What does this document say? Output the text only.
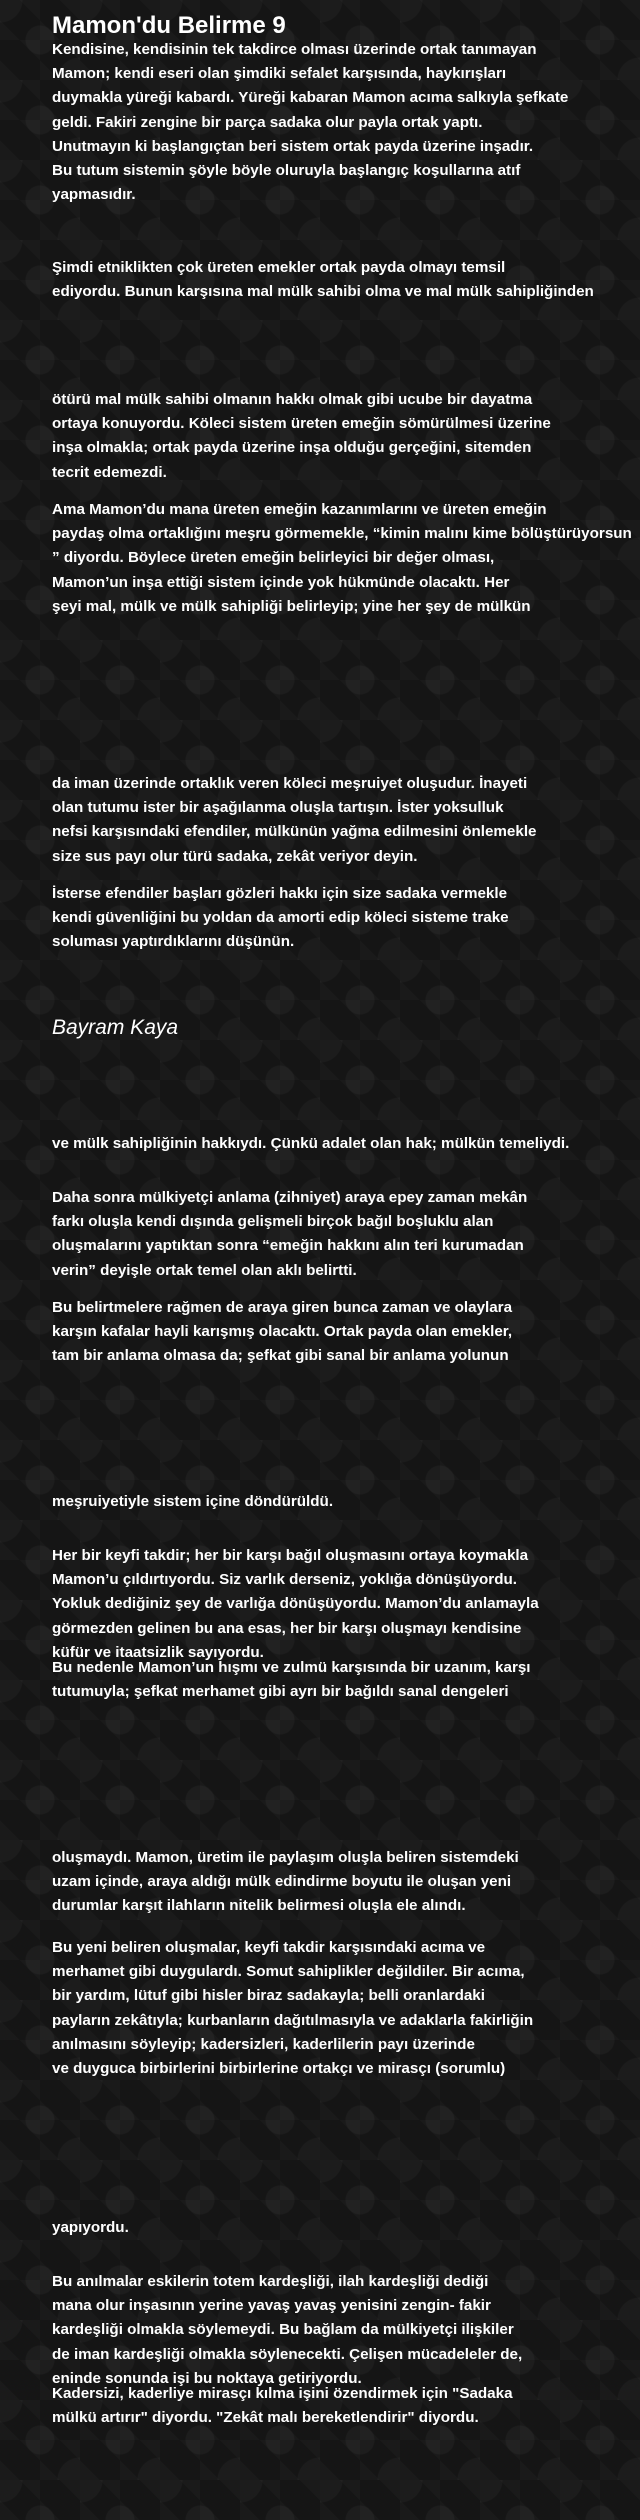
Mamon'du Belirme 9
Kendisine, kendisinin tek takdirce olması üzerinde ortak tanımayan
Mamon; kendi eseri olan şimdiki sefalet karşısında, haykırışları
duymakla yüreği kabardı. Yüreği kabaran Mamon acıma salkıyla şefkate
geldi. Fakiri zengine bir parça sadaka olur payla ortak yaptı.
Unutmayın ki başlangıçtan beri sistem ortak payda üzerine inşadır.
Bu tutum sistemin şöyle böyle oluruyla başlangıç koşullarına atıf
yapmasıdır.
Şimdi etniklikten çok üreten emekler ortak payda olmayı temsil
ediyordu. Bunun karşısına mal mülk sahibi olma ve mal mülk sahipliğinden
ötürü mal mülk sahibi olmanın hakkı olmak gibi ucube bir dayatma
ortaya konuyordu. Köleci sistem üreten emeğin sömürülmesi üzerine
inşa olmakla; ortak payda üzerine inşa olduğu gerçeğini, sitemden
tecrit edemezdi.
Ama Mamon’du mana üreten emeğin kazanımlarını ve üreten emeğin
paydaş olma ortaklığını meşru görmemekle, “kimin malını kime bölüştürüyorsun
” diyordu. Böylece üreten emeğin belirleyici bir değer olması,
Mamon’un inşa ettiği sistem içinde yok hükmünde olacaktı. Her
şeyi mal, mülk ve mülk sahipliği belirleyip; yine her şey de mülkün
da iman üzerinde ortaklık veren köleci meşruiyet oluşudur. İnayeti
olan tutumu ister bir aşağılanma oluşla tartışın. İster yoksulluk
nefsi karşısındaki efendiler, mülkünün yağma edilmesini önlemekle
size sus payı olur türü sadaka, zekât veriyor deyin.
İsterse efendiler başları gözleri hakkı için size sadaka vermekle
kendi güvenliğini bu yoldan da amorti edip köleci sisteme trake
soluması yaptırdıklarını düşünün.
Bayram Kaya
ve mülk sahipliğinin hakkıydı. Çünkü adalet olan hak; mülkün temeliydi.
Daha sonra mülkiyetçi anlama (zihniyet) araya epey zaman mekân
farkı oluşla kendi dışında gelişmeli birçok bağıl boşluklu alan
oluşmalarını yaptıktan sonra “emeğin hakkını alın teri kurumadan
verin” deyişle ortak temel olan aklı belirtti.
Bu belirtmelere rağmen de araya giren bunca zaman ve olaylara
karşın kafalar hayli karışmış olacaktı. Ortak payda olan emekler,
tam bir anlama olmasa da; şefkat gibi sanal bir anlama yolunun
meşruiyetiyle sistem içine döndürüldü.
Her bir keyfi takdir; her bir karşı bağıl oluşmasını ortaya koymakla
Mamon’u çıldırtıyordu. Siz varlık derseniz, yoklığa dönüşüyordu.
Yokluk dediğiniz şey de varlığa dönüşüyordu. Mamon’du anlamayla
görmezden gelinen bu ana esas, her bir karşı oluşmayı kendisine
küfür ve itaatsizlik sayıyordu.
Bu nedenle Mamon’un hışmı ve zulmü karşısında bir uzanım, karşı
tutumuyla; şefkat merhamet gibi ayrı bir bağıldı sanal dengeleri
oluşmaydı. Mamon, üretim ile paylaşım oluşla beliren sistemdeki
uzam içinde, araya aldığı mülk edindirme boyutu ile oluşan yeni
durumlar karşıt ilahların nitelik belirmesi oluşla ele alındı.
Bu yeni beliren oluşmalar, keyfi takdir karşısındaki acıma ve
merhamet gibi duygulardı. Somut sahiplikler değildiler. Bir acıma,
bir yardım, lütuf gibi hisler biraz sadakayla; belli oranlardaki
payların zekâtıyla; kurbanların dağıtılmasıyla ve adaklarla fakirliğin
anılmasını söyleyip; kadersizleri, kaderlilerin payı üzerinde
ve duyguca birbirlerini birbirlerine ortakçı ve mirasçı (sorumlu)
yapıyordu.
Bu anılmalar eskilerin totem kardeşliği, ilah kardeşliği dediği
mana olur inşasının yerine yavaş yavaş yenisini zengin- fakir
kardeşliği olmakla söylemeydi. Bu bağlam da mülkiyetçi ilişkiler
de iman kardeşliği olmakla söylenecekti. Çelişen mücadeleler de,
eninde sonunda işi bu noktaya getiriyordu.
Kadersizi, kaderliye mirasçı kılma işini özendirmek için "Sadaka
mülkü artırır" diyordu. "Zekât malı bereketlendirir" diyordu.
